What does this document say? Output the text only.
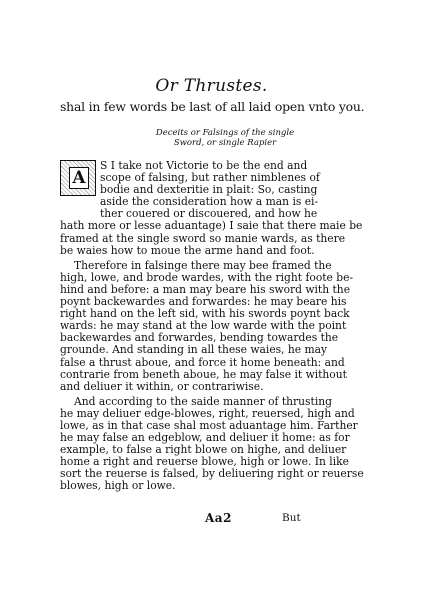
Or Thrustes.
shal in few words be last of all laid open vnto you.
Deceits or Falsings of the single
Sword, or single Rapier
A
S I take not Victorie to be the end and
scope of falsing, but rather nimblenes of
bodie and dexteritie in plait: So, casting
aside the consideration how a man is ei-
ther couered or discouered, and how he
hath more or lesse aduantage) I saie that there maie be
framed at the single sword so manie wards, as there
be waies how to moue the arme hand and foot.
Therefore in falsinge there may bee framed the
high, lowe, and brode wardes, with the right foote be-
hind and before: a man may beare his sword with the
poynt backewardes and forwardes: he may beare his
right hand on the left sid, with his swords poynt back
wards: he may stand at the low warde with the point
backewardes and forwardes, bending towardes the
grounde. And standing in all these waies, he may
false a thrust aboue, and force it home beneath: and
contrarie from beneth aboue, he may false it without
and deliuer it within, or contrariwise.
And according to the saide manner of thrusting
he may deliuer edge-blowes, right, reuersed, high and
lowe, as in that case shal most aduantage him. Farther
he may false an edgeblow, and deliuer it home: as for
example, to false a right blowe on highe, and deliuer
home a right and reuerse blowe, high or lowe. In like
sort the reuerse is falsed, by deliuering right or reuerse
blowes, high or lowe.
Aa2	But
